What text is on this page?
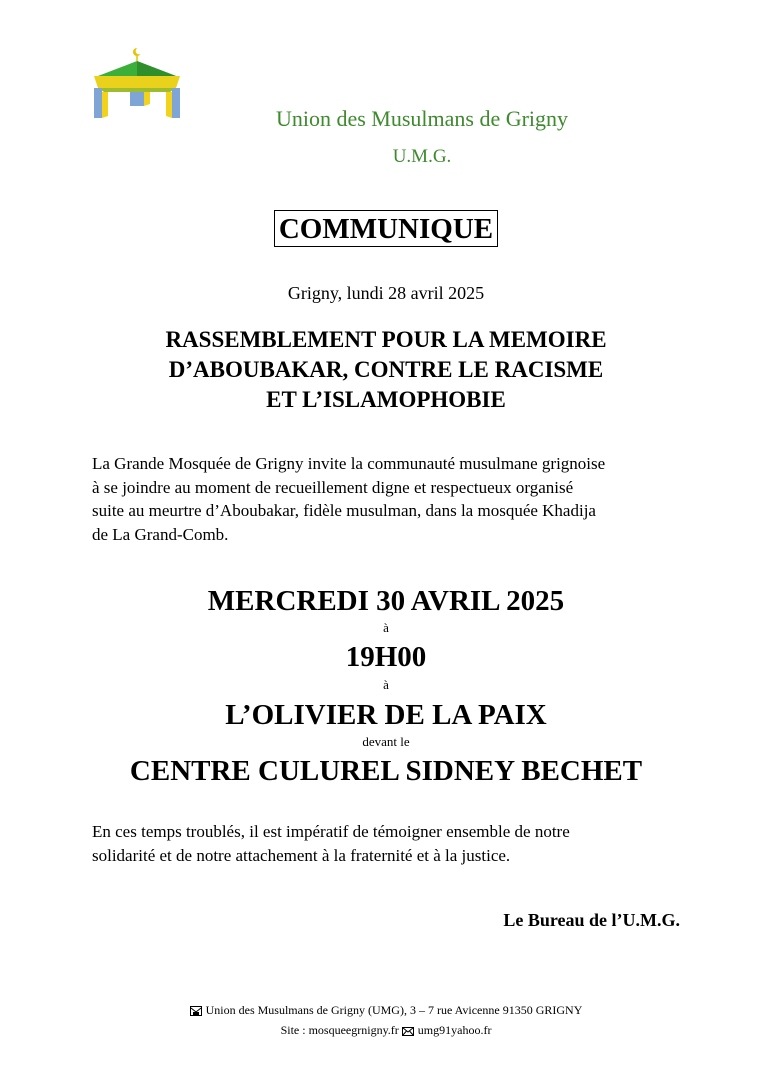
Union des Musulmans de Grigny
U.M.G.
COMMUNIQUE
Grigny, lundi 28 avril 2025
RASSEMBLEMENT POUR LA MEMOIRE
D’ABOUBAKAR, CONTRE LE RACISME
ET L’ISLAMOPHOBIE
La Grande Mosquée de Grigny invite la communauté musulmane grignoise
à se joindre au moment de recueillement digne et respectueux organisé
suite au meurtre d’Aboubakar, fidèle musulman, dans la mosquée Khadija
de La Grand-Comb.
MERCREDI 30 AVRIL 2025
à
19H00
à
L’OLIVIER DE LA PAIX
devant le
CENTRE CULUREL SIDNEY BECHET
En ces temps troublés, il est impératif de témoigner ensemble de notre
solidarité et de notre attachement à la fraternité et à la justice.
Le Bureau de l’U.M.G.
Union des Musulmans de Grigny (UMG), 3 – 7 rue Avicenne 91350 GRIGNY
Site : mosqueegrnigny.fr umg91yahoo.fr
